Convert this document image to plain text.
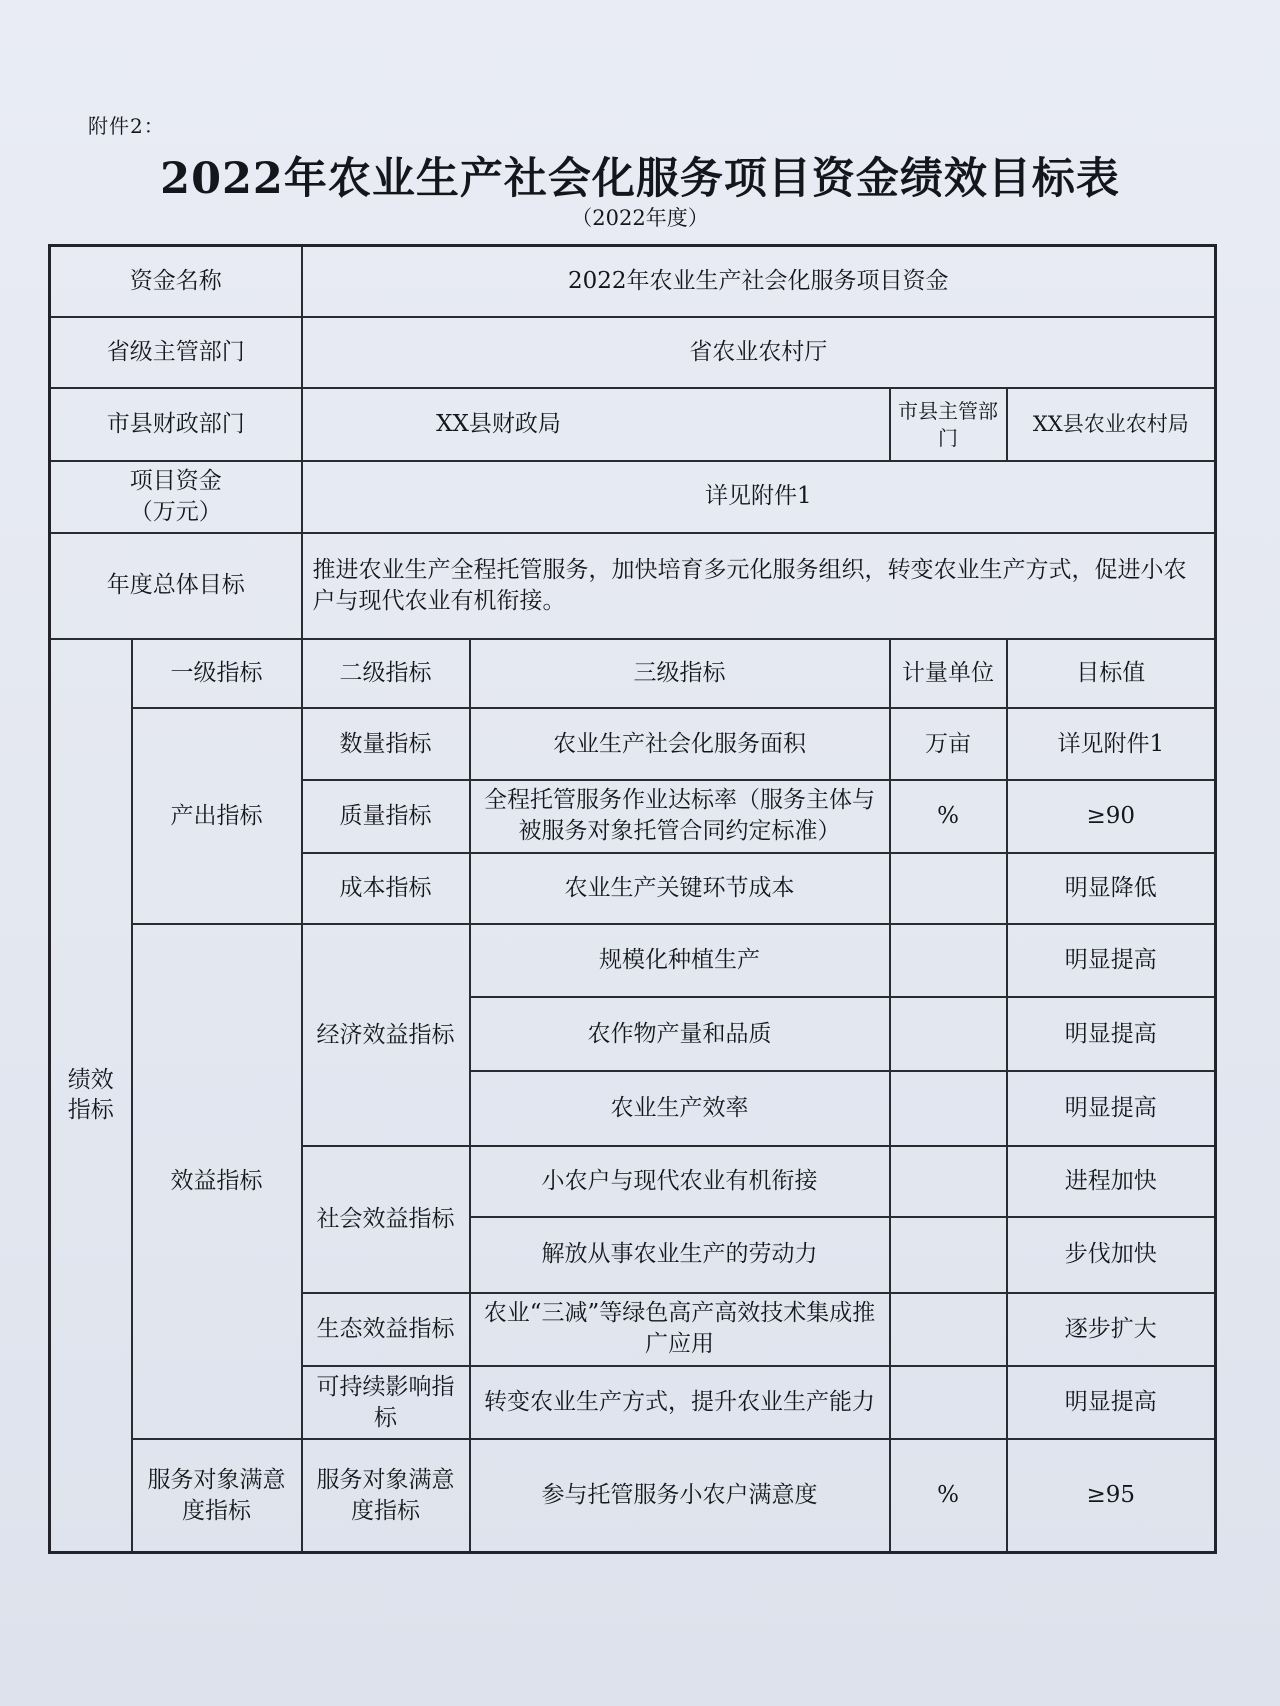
附件2：
2022年农业生产社会化服务项目资金绩效目标表
（2022年度）
资金名称		2022年农业生产社会化服务项目资金			
省级主管部门		省农业农村厅			
市县财政部门		XX县财政局		市县主管部门	XX县农业农村局

项目资金
（万元）		详见附件1			
年度总体目标		推进农业生产全程托管服务，加快培育多元化服务组织，转变农业生产方式，促进小农户与现代农业有机衔接。			

绩效指标	一级指标	二级指标	三级指标	计量单位	目标值
	产出指标	数量指标	农业生产社会化服务面积	万亩	详见附件1
		质量指标	全程托管服务作业达标率（服务主体与被服务对象托管合同约定标准）	%	≥90
		成本指标	农业生产关键环节成本		明显降低
	效益指标	经济效益指标	规模化种植生产		明显提高
			农作物产量和品质		明显提高
			农业生产效率		明显提高
		社会效益指标	小农户与现代农业有机衔接		进程加快
			解放从事农业生产的劳动力		步伐加快
		生态效益指标	农业“三减”等绿色高产高效技术集成推广应用		逐步扩大
		可持续影响指标	转变农业生产方式，提升农业生产能力		明显提高
	服务对象满意度指标	服务对象满意度指标	参与托管服务小农户满意度	%	≥95
